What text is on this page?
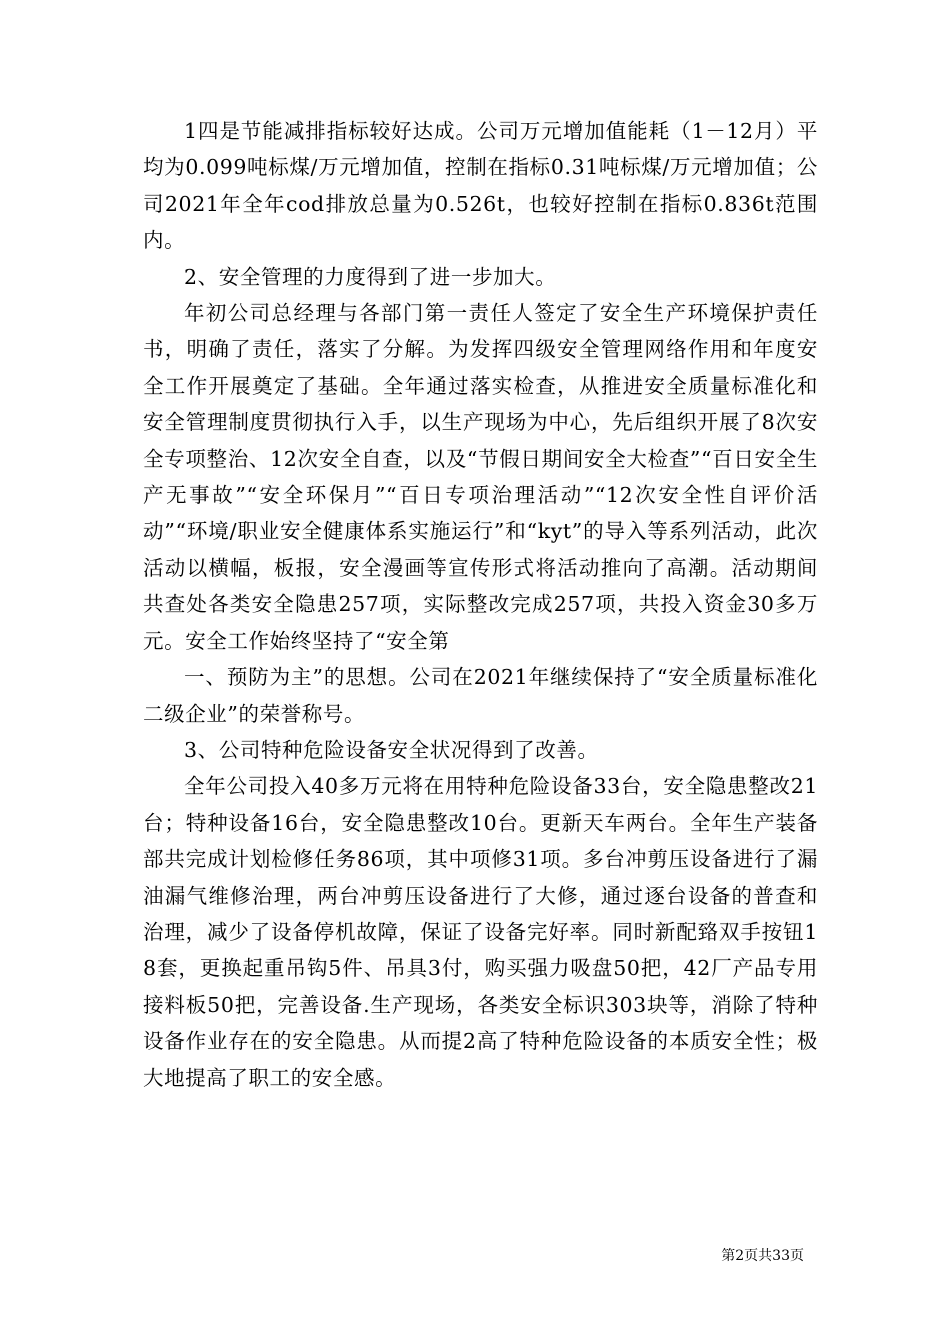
1四是节能减排指标较好达成。公司万元增加值能耗（1－12月）平均为0.099吨标煤/万元增加值，控制在指标0.31吨标煤/万元增加值；公司2021年全年cod排放总量为0.526t，也较好控制在指标0.836t范围内。

2、安全管理的力度得到了进一步加大。

年初公司总经理与各部门第一责任人签定了安全生产环境保护责任书，明确了责任，落实了分解。为发挥四级安全管理网络作用和年度安全工作开展奠定了基础。全年通过落实检查，从推进安全质量标准化和安全管理制度贯彻执行入手，以生产现场为中心，先后组织开展了8次安全专项整治、12次安全自查，以及“节假日期间安全大检查”“百日安全生产无事故”“安全环保月”“百日专项治理活动”“12次安全性自评价活动”“环境/职业安全健康体系实施运行”和“kyt”的导入等系列活动，此次活动以横幅，板报，安全漫画等宣传形式将活动推向了高潮。活动期间共查处各类安全隐患257项，实际整改完成257项，共投入资金30多万元。安全工作始终坚持了“安全第

一、预防为主”的思想。公司在2021年继续保持了“安全质量标准化二级企业”的荣誉称号。

3、公司特种危险设备安全状况得到了改善。

全年公司投入40多万元将在用特种危险设备33台，安全隐患整改21台；特种设备16台，安全隐患整改10台。更新天车两台。全年生产装备部共完成计划检修任务86项，其中项修31项。多台冲剪压设备进行了漏油漏气维修治理，两台冲剪压设备进行了大修，通过逐台设备的普查和治理，减少了设备停机故障，保证了设备完好率。同时新配臵双手按钮18套，更换起重吊钩5件、吊具3付，购买强力吸盘50把，42厂产品专用接料板50把，完善设备.生产现场，各类安全标识303块等，消除了特种设备作业存在的安全隐患。从而提2高了特种危险设备的本质安全性；极大地提高了职工的安全感。

第2页共33页
